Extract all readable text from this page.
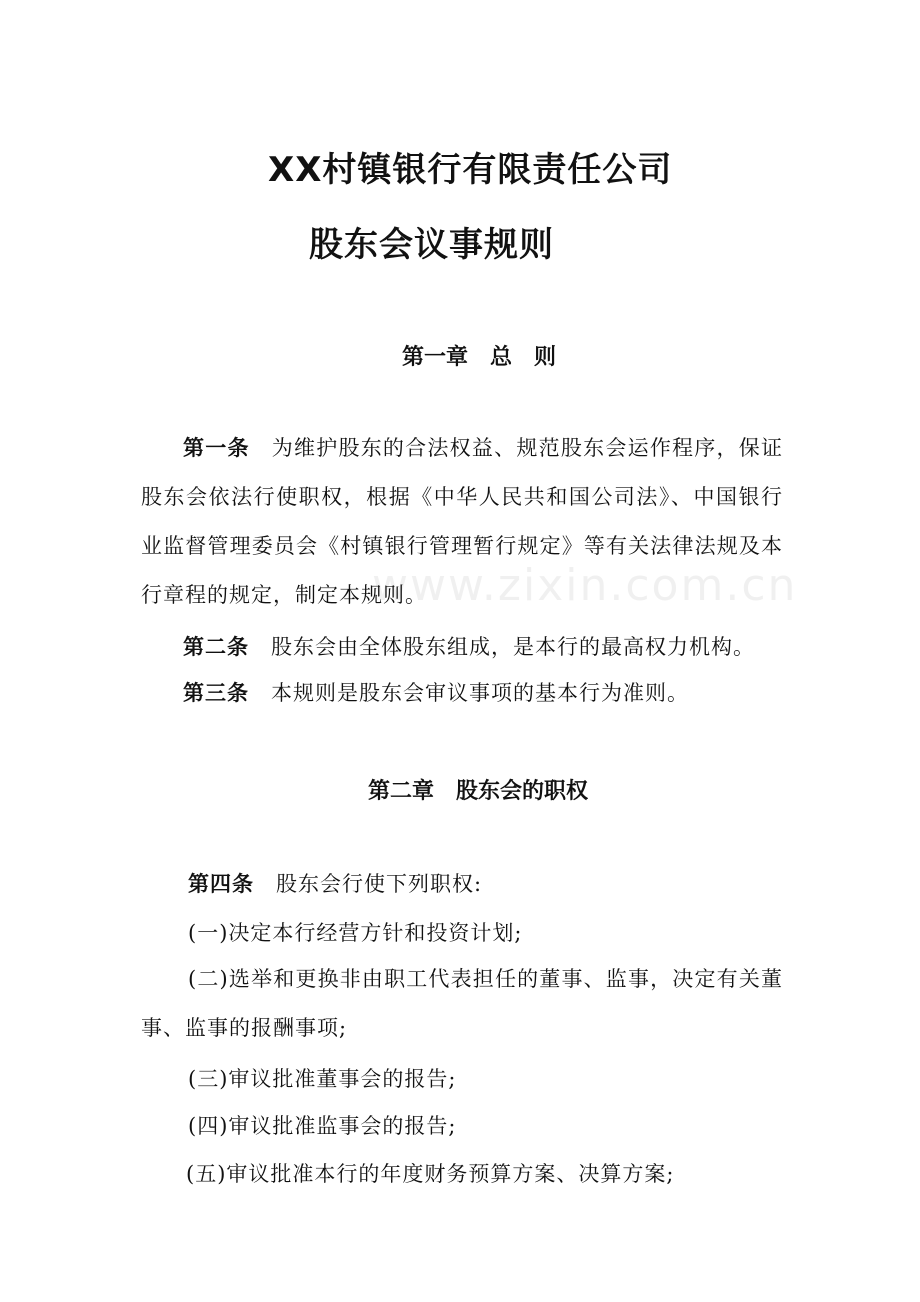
www.zixin.com.cn
XX村镇银行有限责任公司
股东会议事规则
第一章　总　则
第一条 为维护股东的合法权益、规范股东会运作程序，保证股东会依法行使职权，根据《中华人民共和国公司法》、中国银行业监督管理委员会《村镇银行管理暂行规定》等有关法律法规及本行章程的规定，制定本规则。
第二条 股东会由全体股东组成，是本行的最高权力机构。
第三条 本规则是股东会审议事项的基本行为准则。
第二章　股东会的职权
第四条 股东会行使下列职权:
(一)决定本行经营方针和投资计划;
(二)选举和更换非由职工代表担任的董事、监事，决定有关董事、监事的报酬事项;
(三)审议批准董事会的报告;
(四)审议批准监事会的报告;
(五)审议批准本行的年度财务预算方案、决算方案;
